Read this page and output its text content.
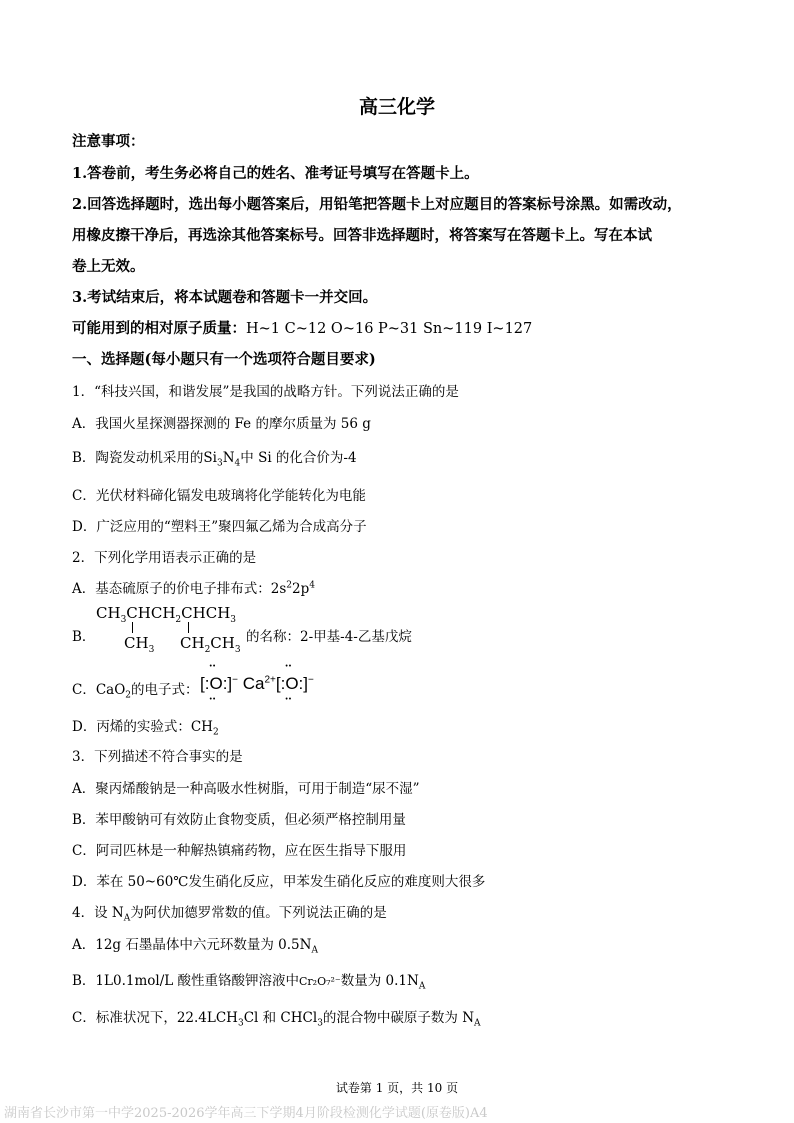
高三化学
注意事项：
1.答卷前，考生务必将自己的姓名、准考证号填写在答题卡上。
2.回答选择题时，选出每小题答案后，用铅笔把答题卡上对应题目的答案标号涂黑。如需改动，
用橡皮擦干净后，再选涂其他答案标号。回答非选择题时，将答案写在答题卡上。写在本试
卷上无效。
3.考试结束后，将本试题卷和答题卡一并交回。
可能用到的相对原子质量：H~1 C~12 O~16 P~31 Sn~119 I~127
一、选择题(每小题只有一个选项符合题目要求)
1．“科技兴国，和谐发展”是我国的战略方针。下列说法正确的是
A．我国火星探测器探测的 Fe 的摩尔质量为 56 g
B．陶瓷发动机采用的$Si_3N_4$中 Si 的化合价为-4
C．光伏材料碲化镉发电玻璃将化学能转化为电能
D．广泛应用的“塑料王”聚四氟乙烯为合成高分子
2．下列化学用语表示正确的是
A．基态硫原子的价电子排布式：$2s^22p^4$
B．
$CH_3CHCH_2CHCH_3$
$CH_3$ $CH_2CH_3$
的名称：2-甲基-4-乙基戊烷
C．CaO$_2$的电子式： [:•• O ••:]− $Ca^{2+}[:••$ O ••:]−
D．丙烯的实验式：$CH_2$
3．下列描述不符合事实的是
A．聚丙烯酸钠是一种高吸水性树脂，可用于制造“尿不湿”
B．苯甲酸钠可有效防止食物变质，但必须严格控制用量
C．阿司匹林是一种解热镇痛药物，应在医生指导下服用
D．苯在 50~60℃发生硝化反应，甲苯发生硝化反应的难度则大很多
4．设 $N_A$为阿伏加德罗常数的值。下列说法正确的是
A．12g 石墨晶体中六元环数量为 $0.5N_A$
B．1L0.1mol/L 酸性重铬酸钾溶液中Cr₂O₇²⁻数量为 $0.1N_A$
C．标准状况下，$22.4LCH_3Cl$ 和 CHCl$_3$的混合物中碳原子数为 $N_A$
试卷第 1 页，共 10 页
湖南省长沙市第一中学2025-2026学年高三下学期4月阶段检测化学试题(原卷版)A4
